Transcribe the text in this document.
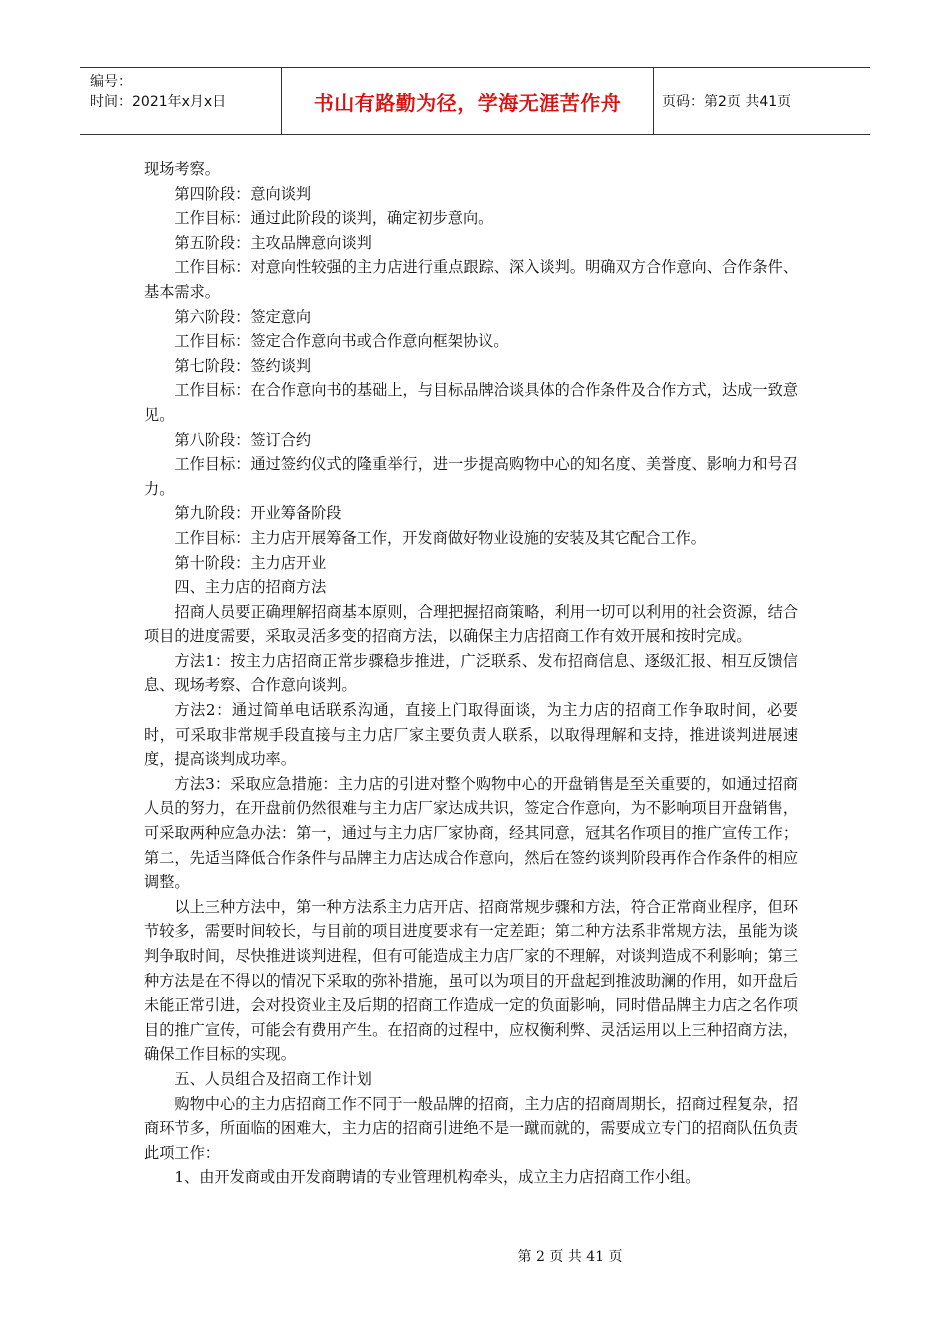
编号：
时间：2021年x月x日	书山有路勤为径，学海无涯苦作舟	页码：第2页 共41页

现场考察。

第四阶段：意向谈判

工作目标：通过此阶段的谈判，确定初步意向。

第五阶段：主攻品牌意向谈判

工作目标：对意向性较强的主力店进行重点跟踪、深入谈判。明确双方合作意向、合作条件、基本需求。

第六阶段：签定意向

工作目标：签定合作意向书或合作意向框架协议。

第七阶段：签约谈判

工作目标：在合作意向书的基础上，与目标品牌洽谈具体的合作条件及合作方式，达成一致意见。

第八阶段：签订合约

工作目标：通过签约仪式的隆重举行，进一步提高购物中心的知名度、美誉度、影响力和号召力。

第九阶段：开业筹备阶段

工作目标：主力店开展筹备工作，开发商做好物业设施的安装及其它配合工作。

第十阶段：主力店开业

四、主力店的招商方法

招商人员要正确理解招商基本原则，合理把握招商策略，利用一切可以利用的社会资源，结合项目的进度需要，采取灵活多变的招商方法，以确保主力店招商工作有效开展和按时完成。

方法1：按主力店招商正常步骤稳步推进，广泛联系、发布招商信息、逐级汇报、相互反馈信息、现场考察、合作意向谈判。

方法2：通过简单电话联系沟通，直接上门取得面谈，为主力店的招商工作争取时间，必要时，可采取非常规手段直接与主力店厂家主要负责人联系，以取得理解和支持，推进谈判进展速度，提高谈判成功率。

方法3：采取应急措施：主力店的引进对整个购物中心的开盘销售是至关重要的，如通过招商人员的努力，在开盘前仍然很难与主力店厂家达成共识，签定合作意向，为不影响项目开盘销售，可采取两种应急办法：第一，通过与主力店厂家协商，经其同意，冠其名作项目的推广宣传工作；第二，先适当降低合作条件与品牌主力店达成合作意向，然后在签约谈判阶段再作合作条件的相应调整。

以上三种方法中，第一种方法系主力店开店、招商常规步骤和方法，符合正常商业程序，但环节较多，需要时间较长，与目前的项目进度要求有一定差距；第二种方法系非常规方法，虽能为谈判争取时间，尽快推进谈判进程，但有可能造成主力店厂家的不理解，对谈判造成不利影响；第三种方法是在不得以的情况下采取的弥补措施，虽可以为项目的开盘起到推波助澜的作用，如开盘后未能正常引进，会对投资业主及后期的招商工作造成一定的负面影响，同时借品牌主力店之名作项目的推广宣传，可能会有费用产生。在招商的过程中，应权衡利弊、灵活运用以上三种招商方法，确保工作目标的实现。

五、人员组合及招商工作计划

购物中心的主力店招商工作不同于一般品牌的招商，主力店的招商周期长，招商过程复杂，招商环节多，所面临的困难大，主力店的招商引进绝不是一蹴而就的，需要成立专门的招商队伍负责此项工作：

1、由开发商或由开发商聘请的专业管理机构牵头，成立主力店招商工作小组。

第 2 页 共 41 页
